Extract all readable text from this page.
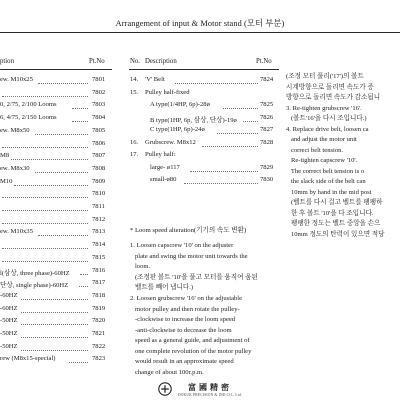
Arrangement of input & Motor stand (모터 부분)
ption	Pt.No
ew. M10x25	7801
7802
0, 2/75, 2/100 Looms	7803
6, 4/75, 2/150 Looms	7804
ew. M8x50	7805
7806
M8	7807
ew. M8x30	7808
M10	7809
7810
7811
7812
ew. M10x35	7813
7814
7815
l(삼상, three phase)-60HZ	7816
단상, single phase)-60HZ	7817
-60HZ	7818
-60HZ	7819
-50HZ	7820
-50HZ	7821
-50HZ	7822
rew (M8x15-special)	7823
No. Description	Pt.No
14. 'V' Belt	7824
15. Pulley half-fixed
A type(1/4HP, 6p)-28ø	7825
B type(1HP, 6p, 삼상, 단상)-19ø	7826
C type(1HP, 6p)-24ø	7827
16. Grubscrew. M8x12	7828
17. Pulley half:
large- ø117	7829
small-ø80	7830
* Loom speed alteration(기기의 속도 변환)
1. Loosen capscrew '10' on the adjuster
plate and swing the motor unit towards the
loom.
(조정판 볼트 '10'을 풀고 모터를 움직여 움된
벨트를 빼어 냅니다.)
2. Loosen grubscrew '16' on the adjustable
motor pulley and then rotate the pulley-
-clockwise to increase the loom speed
-anti-clockwise to decrease the loom
speed as a general guide, and adjustment of
one complete revolution of the motor pulley
would result in an approximate speed
change of about 100r.p.m.
(조정 모터 풀리('17')의 볼트
시계방향으로 돌리면 속도가 증
방향으로 돌리면 속도가 감소됩니
3. Re-tighten grubscrew '16'.
(볼트'16'을 다시 조입니다.)
4. Replace drive belt, loosen ca
and adjust the motor unit
correct belt tension.
Re-tighten capscrew '10'.
The correct belt tension is o
the slack side of the belt can
10mm by hand in the mid posi
(벨트를 다시 걸고 벨트를 팽팽하
한 후 볼트 '10'을 다 조입니다.
팽팽한 정도는 벨트 중앙을 손으
10mm 정도의 탄력이 있으면 적당

富國精密
DOKUK PRECISION & IND.CO., Ltd.
